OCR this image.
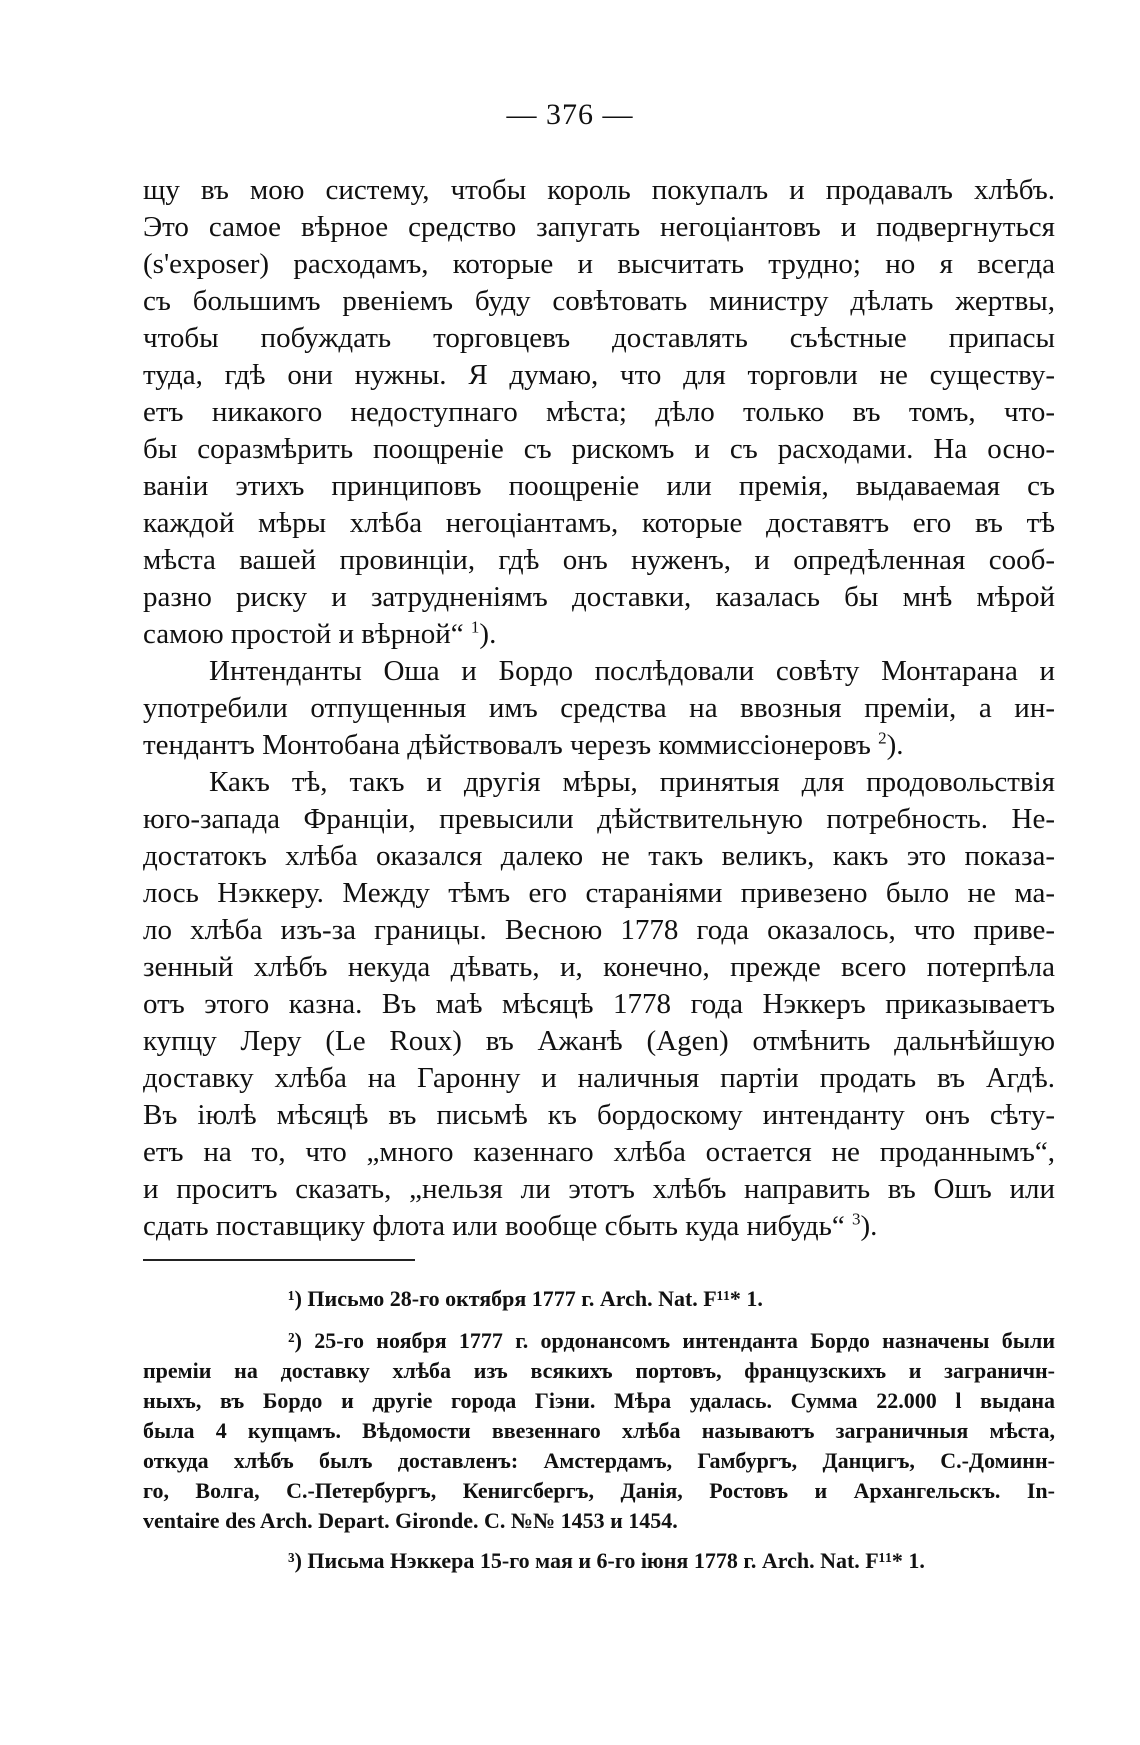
— 376 —
щу въ мою систему, чтобы король покупалъ и продавалъ хлѣбъ.
Это самое вѣрное средство запугать негоціантовъ и подвергнуться
(s'exposer) расходамъ, которые и высчитать трудно; но я всегда
съ большимъ рвеніемъ буду совѣтовать министру дѣлать жертвы,
чтобы побуждать торговцевъ доставлять съѣстные припасы
туда, гдѣ они нужны. Я думаю, что для торговли не существу-
етъ никакого недоступнаго мѣста; дѣло только въ томъ, что-
бы соразмѣрить поощреніе съ рискомъ и съ расходами. На осно-
ваніи этихъ принциповъ поощреніе или премія, выдаваемая съ
каждой мѣры хлѣба негоціантамъ, которые доставятъ его въ тѣ
мѣста вашей провинціи, гдѣ онъ нуженъ, и опредѣленная сооб-
разно риску и затрудненіямъ доставки, казалась бы мнѣ мѣрой
самою простой и вѣрной“ $^1$).
Интенданты Оша и Бордо послѣдовали совѣту Монтарана и
употребили отпущенныя имъ средства на ввозныя преміи, а ин-
тендантъ Монтобана дѣйствовалъ черезъ коммиссіонеровъ $^2$).
Какъ тѣ, такъ и другія мѣры, принятыя для продовольствія
юго-запада Франціи, превысили дѣйствительную потребность. Не-
достатокъ хлѣба оказался далеко не такъ великъ, какъ это показа-
лось Нэккеру. Между тѣмъ его стараніями привезено было не ма-
ло хлѣба изъ-за границы. Весною 1778 года оказалось, что приве-
зенный хлѣбъ некуда дѣвать, и, конечно, прежде всего потерпѣла
отъ этого казна. Въ маѣ мѣсяцѣ 1778 года Нэккеръ приказываетъ
купцу Леру (Le Roux) въ Ажанѣ (Agen) отмѣнить дальнѣйшую
доставку хлѣба на Гаронну и наличныя партіи продать въ Агдѣ.
Въ іюлѣ мѣсяцѣ въ письмѣ къ бордоскому интенданту онъ сѣту-
етъ на то, что „много казеннаго хлѣба остается не проданнымъ“,
и проситъ сказать, „нельзя ли этотъ хлѣбъ направить въ Ошъ или
сдать поставщику флота или вообще сбыть куда нибудь“ $^3$).
¹) Письмо 28-го октября 1777 г. Arch. Nat. F¹¹* 1.
²) 25-го ноября 1777 г. ордонансомъ интенданта Бордо назначены были
преміи на доставку хлѣба изъ всякихъ портовъ, французскихъ и заграничн-
ныхъ, въ Бордо и другіе города Гіэни. Мѣра удалась. Сумма 22.000 l выдана
была 4 купцамъ. Вѣдомости ввезеннаго хлѣба называютъ заграничныя мѣста,
откуда хлѣбъ былъ доставленъ: Амстердамъ, Гамбургъ, Данцигъ, С.-Доминн-
го, Волга, С.-Петербургъ, Кенигсбергъ, Данія, Ростовъ и Архангельскъ. In-
ventaire des Arch. Depart. Gironde. C. №№ 1453 и 1454.
³) Письма Нэккера 15-го мая и 6-го іюня 1778 г. Arch. Nat. F¹¹* 1.
